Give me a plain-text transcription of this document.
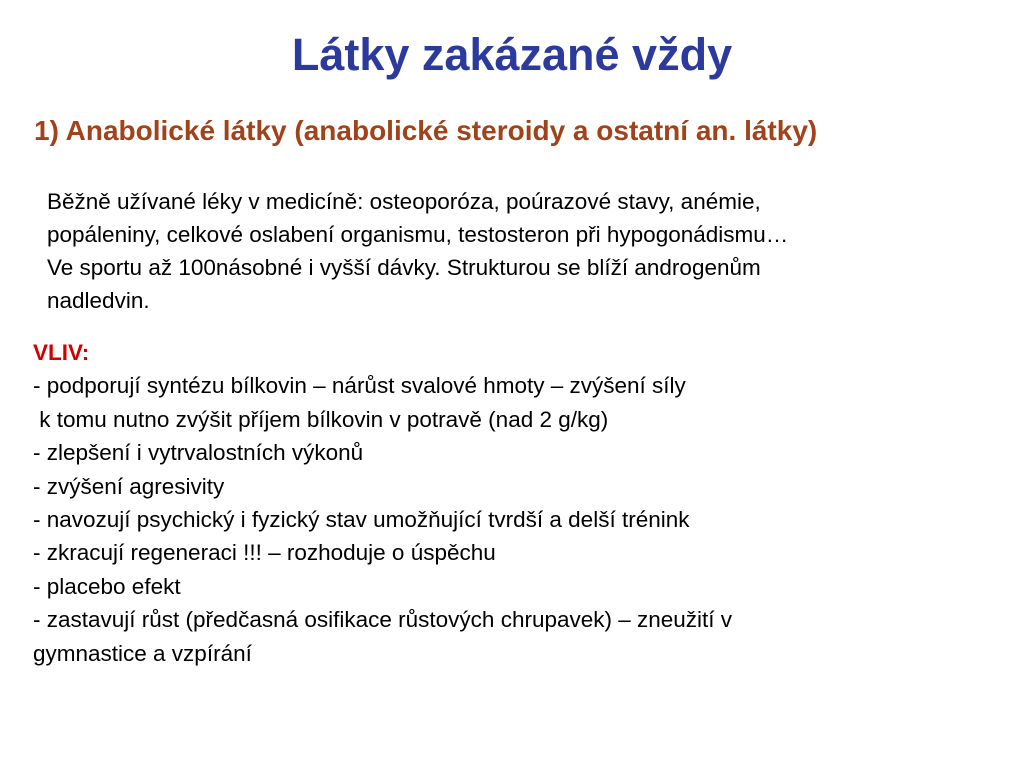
Látky zakázané vždy
1) Anabolické látky (anabolické steroidy a ostatní an. látky)
Běžně užívané léky v medicíně: osteoporóza, poúrazové stavy, anémie,
popáleniny, celkové oslabení organismu, testosteron při hypogonádismu…
Ve sportu až 100násobné i vyšší dávky. Strukturou se blíží androgenům
nadledvin.
VLIV:
- podporují syntézu bílkovin – nárůst svalové hmoty – zvýšení síly
k tomu nutno zvýšit příjem bílkovin v potravě (nad 2 g/kg)
- zlepšení i vytrvalostních výkonů
- zvýšení agresivity
- navozují psychický i fyzický stav umožňující tvrdší a delší trénink
- zkracují regeneraci !!! – rozhoduje o úspěchu
- placebo efekt
- zastavují růst (předčasná osifikace růstových chrupavek) – zneužití v
gymnastice a vzpírání
